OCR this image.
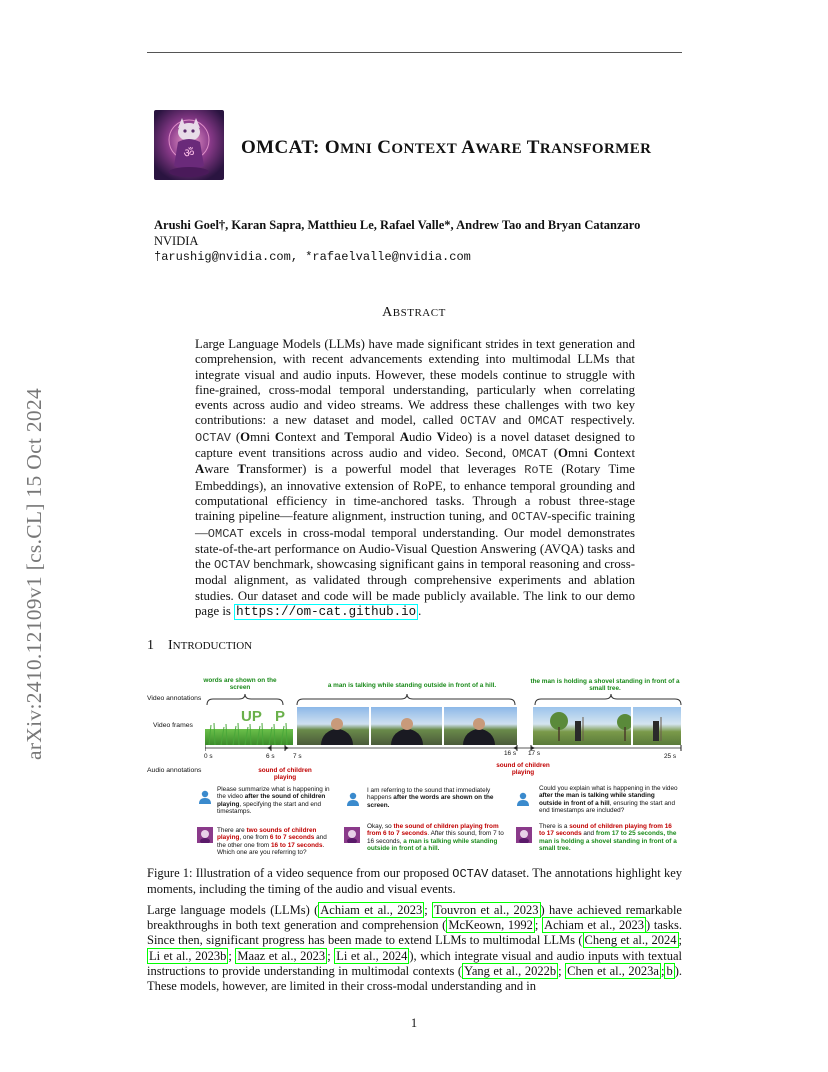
arXiv:2410.12109v1 [cs.CL] 15 Oct 2024
ॐ OMCAT: OMNI CONTEXT AWARE TRANSFORMER
Arushi Goel†, Karan Sapra, Matthieu Le, Rafael Valle*, Andrew Tao and Bryan Catanzaro
NVIDIA
†arushig@nvidia.com, *rafaelvalle@nvidia.com
ABSTRACT
Large Language Models (LLMs) have made significant strides in text generation and comprehension, with recent advancements extending into multimodal LLMs that integrate visual and audio inputs. However, these models continue to struggle with fine-grained, cross-modal temporal understanding, particularly when correlating events across audio and video streams. We address these challenges with two key contributions: a new dataset and model, called OCTAV and OMCAT respectively. OCTAV (Omni Context and Temporal Audio Video) is a novel dataset designed to capture event transitions across audio and video. Second, OMCAT (Omni Context Aware Transformer) is a powerful model that leverages RoTE (Rotary Time Embeddings), an innovative extension of RoPE, to enhance temporal grounding and computational efficiency in time-anchored tasks. Through a robust three-stage training pipeline—feature alignment, instruction tuning, and OCTAV-specific training—OMCAT excels in cross-modal temporal understanding. Our model demonstrates state-of-the-art performance on Audio-Visual Question Answering (AVQA) tasks and the OCTAV benchmark, showcasing significant gains in temporal reasoning and cross-modal alignment, as validated through comprehensive experiments and ablation studies. Our dataset and code will be made publicly available. The link to our demo page is https://om-cat.github.io .
1 INTRODUCTION
Video annotations
Video frames
Audio annotations
words are shown on the screen	a man is talking while standing outside in front of a hill.
the man is holding a shovel standing in front of a small tree.
UP P
0 s	6 s	7 s	16 s 17 s	25 s
sound of children playing
sound of children playing
Please summarize what is happening in the video after the sound of children playing, specifying the start and end timestamps.
I am referring to the sound that immediately happens after the words are shown on the screen.
Could you explain what is happening in the video after the man is talking while standing outside in front of a hill, ensuring the start and end timestamps are included?
There are two sounds of children playing, one from 6 to 7 seconds and the other one from 16 to 17 seconds. Which one are you referring to?
Okay, so the sound of children playing from from 6 to 7 seconds. After this sound, from 7 to 16 seconds, a man is talking while standing outside in front of a hill.
There is a sound of children playing from 16 to 17 seconds and from 17 to 25 seconds, the man is holding a shovel standing in front of a small tree.
Figure 1: Illustration of a video sequence from our proposed OCTAV dataset. The annotations highlight key moments, including the timing of the audio and visual events.
Large language models (LLMs) ( Achiam et al., 2023 ; Touvron et al., 2023 ) have achieved remarkable breakthroughs in both text generation and comprehension ( McKeown, 1992 ; Achiam et al., 2023 ) tasks. Since then, significant progress has been made to extend LLMs to multimodal LLMs ( Cheng et al., 2024 ; Li et al., 2023b ; Maaz et al., 2023 ; Li et al., 2024 ), which integrate visual and audio inputs with textual instructions to provide understanding in multimodal contexts ( Yang et al., 2022b ; Chen et al., 2023a ; b ). These models, however, are limited in their cross-modal understanding and in
1
